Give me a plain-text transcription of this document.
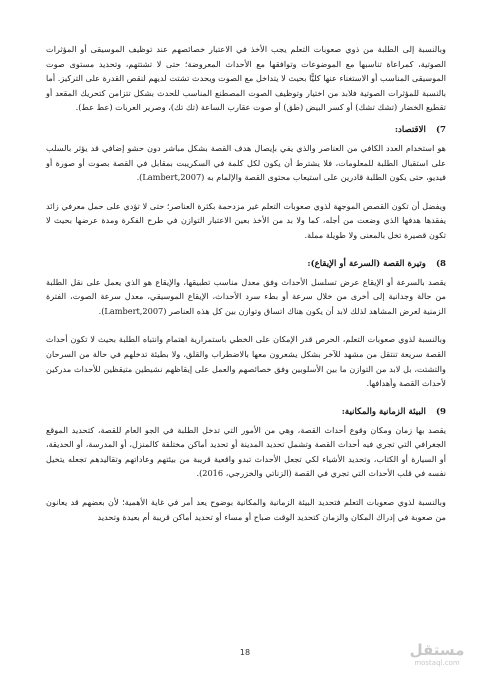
وبالنسبة إلى الطلبة من ذوي صعوبات التعلم يجب الأخذ في الاعتبار خصائصهم عند توظيف الموسيقى أو المؤثرات الصوتية، كمراعاة تناسبها مع الموضوعات وتوافقها مع الأحداث المعروضة؛ حتى لا تشتتهم، وتحديد مستوى صوت الموسيقى المناسب أو الاستغناء عنها كليًّا بحيث لا يتداخل مع الصوت ويحدث تشتت لديهم لنقص القدرة على التركيز. أما بالنسبة للمؤثرات الصوتية فلابد من اختيار وتوظيف الصوت المصطنع المناسب للحدث بشكل تتزامن كتحريك المقعد أو تقطيع الخضار (تشك تشك) أو كسر البيض (طق) أو صوت عقارب الساعة (تك تك)، وصرير العربات (عط عط).

7)الاقتصاد:

هو استخدام العدد الكافي من العناصر والذي يفي بإيصال هدف القصة بشكل مباشر دون حشو إضافي قد يؤثر بالسلب على استقبال الطلبة للمعلومات، فلا يشترط أن يكون لكل كلمة في السكريبت بمقابل في القصة بصوت أو صورة أو فيديو، حتى يكون الطلبة قادرين على استيعاب محتوى القصة والإلمام به (Lambert,2007).

ويفضل أن تكون القصص الموجهة لذوي صعوبات التعلم غير مزدحمة بكثرة العناصر؛ حتى لا تؤدي على حمل معرفي زائد يفقدها هدفها الذي وضعت من أجله، كما ولا بد من الأخذ بعين الاعتبار التوازن في طرح الفكرة ومدة عرضها بحيث لا تكون قصيرة تخل بالمعنى ولا طويلة مملة.

8)وتيرة القصة (السرعة أو الإيقاع):

يقصد بالسرعة أو الإيقاع عرض تسلسل الأحداث وفق معدل مناسب تطبيقها، والإيقاع هو الذي يعمل على نقل الطلبة من حالة وجدانية إلى أخرى من خلال سرعة أو بطء سرد الأحداث، الإيقاع الموسيقي، معدل سرعة الصوت، الفترة الزمنية لعرض المشاهد لذلك لابد أن يكون هناك اتساق وتوازن بين كل هذه العناصر (Lambert,2007).

وبالنسبة لذوي صعوبات التعلم، الحرص قدر الإمكان على الخطي باستمرارية اهتمام وانتباه الطلبة بحيث لا تكون أحداث القصة سريعة تنتقل من مشهد للآخر بشكل يشعرون معها بالاضطراب والقلق، ولا بطيئة تدخلهم في حالة من السرحان والتشتت، بل لابد من التوازن ما بين الأسلوبين وفق خصائصهم والعمل على إيقاظهم نشيطين متيقظين للأحداث مدركين لأحداث القصة وأهدافها.

9)البيئة الزمانية والمكانية:

يقصد بها زمان ومكان وقوع أحداث القصة، وهي من الأمور التي تدخل الطلبة في الجو العام للقصة، كتحديد الموقع الجغرافي التي تجري فيه أحداث القصة وتشمل تحديد المدينة أو تحديد أماكن مختلفة كالمنزل، أو المدرسة، أو الحديقة، أو السيارة أو الكتاب، وتحديد الأشياء لكي تجعل الأحداث تبدو واقعية قريبة من بيئتهم وعاداتهم وتقاليدهم تجعله يتخيل نفسه في قلب الأحداث التي تجري في القصة (الزناتي والخزرجي، 2016).

وبالنسبة لذوي صعوبات التعلم فتحديد البيئة الزمانية والمكانية بوضوح يعد أمر في غاية الأهمية؛ لأن بعضهم قد يعانون من صعوبة في إدراك المكان والزمان كتحديد الوقت صباح أو مساء أو تحديد أماكن قريبة أم بعيدة وتحديد

18	مستقل
mostaql.com
